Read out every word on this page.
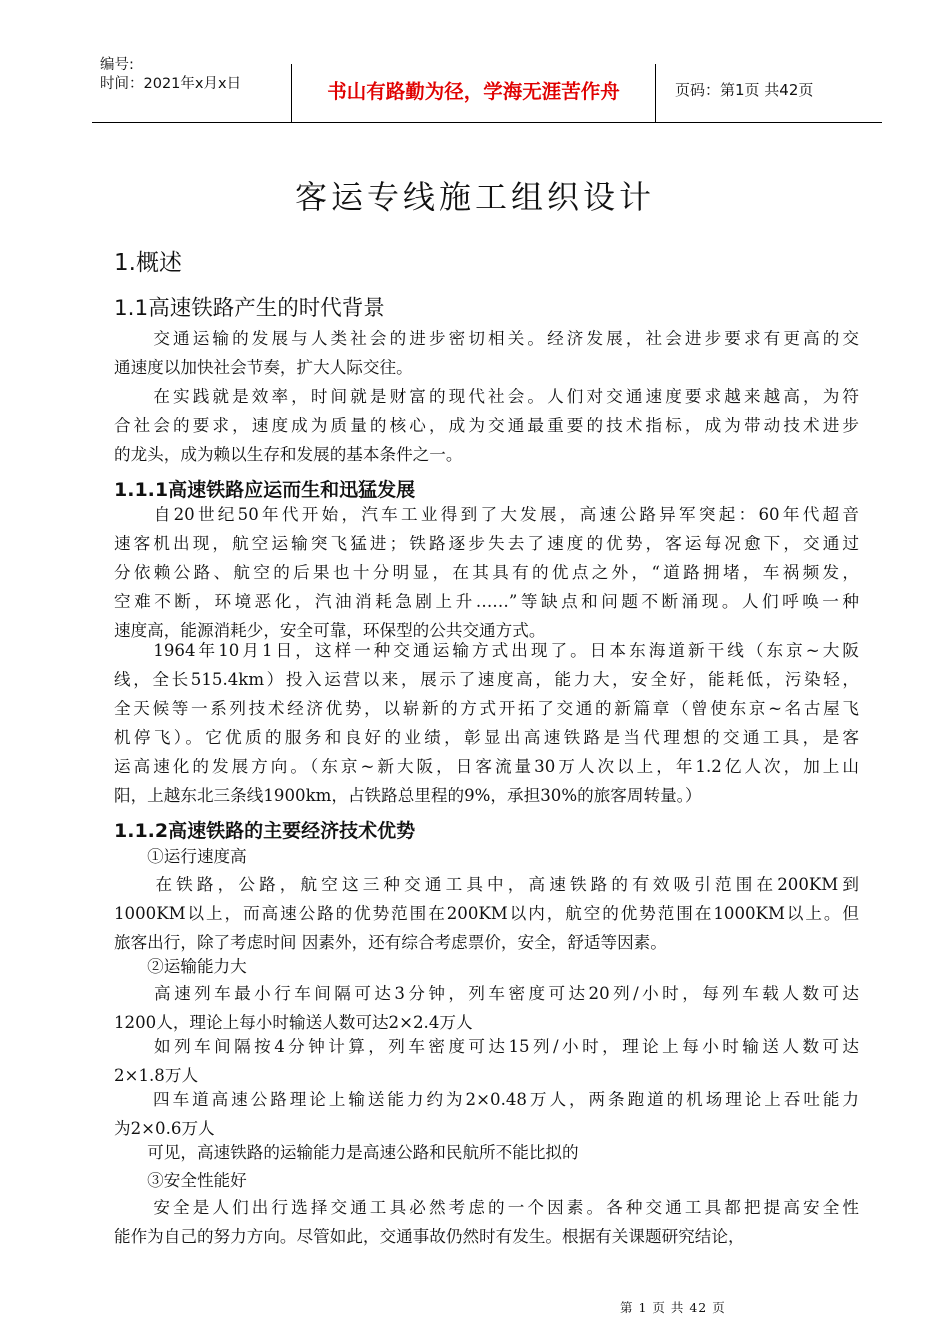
编号:
时间：2021年x月x日	书山有路勤为径，学海无涯苦作舟	页码：第1页 共42页
客运专线施工组织设计
1.概述
1.1高速铁路产生的时代背景
　　交通运输的发展与人类社会的进步密切相关。经济发展，社会进步要求有更高的交
通速度以加快社会节奏，扩大人际交往。
　　在实践就是效率，时间就是财富的现代社会。人们对交通速度要求越来越高，为符
合社会的要求，速度成为质量的核心，成为交通最重要的技术指标，成为带动技术进步
的龙头，成为赖以生存和发展的基本条件之一。
1.1.1高速铁路应运而生和迅猛发展
　　自20世纪50年代开始，汽车工业得到了大发展，高速公路异军突起：60年代超音
速客机出现，航空运输突飞猛进；铁路逐步失去了速度的优势，客运每况愈下，交通过
分依赖公路、航空的后果也十分明显，在其具有的优点之外，“道路拥堵，车祸频发，
空难不断，环境恶化，汽油消耗急剧上升……”等缺点和问题不断涌现。人们呼唤一种
速度高，能源消耗少，安全可靠，环保型的公共交通方式。
　　1964年10月1日，这样一种交通运输方式出现了。日本东海道新干线（东京~大阪
线，全长515.4km）投入运营以来，展示了速度高，能力大，安全好，能耗低，污染轻，
全天候等一系列技术经济优势，以崭新的方式开拓了交通的新篇章（曾使东京~名古屋飞
机停飞）。它优质的服务和良好的业绩，彰显出高速铁路是当代理想的交通工具，是客
运高速化的发展方向。（东京~新大阪，日客流量30万人次以上，年1.2亿人次，加上山
阳，上越东北三条线1900km，占铁路总里程的9%，承担30%的旅客周转量。）
1.1.2高速铁路的主要经济技术优势
　　①运行速度高
　　在铁路，公路，航空这三种交通工具中，高速铁路的有效吸引范围在200KM到
1000KM以上，而高速公路的优势范围在200KM以内，航空的优势范围在1000KM以上。但
旅客出行，除了考虑时间 因素外，还有综合考虑票价，安全，舒适等因素。
　　②运输能力大
　　高速列车最小行车间隔可达3分钟，列车密度可达20列/小时，每列车载人数可达
1200人，理论上每小时输送人数可达2×2.4万人
　　如列车间隔按4分钟计算，列车密度可达15列/小时，理论上每小时输送人数可达
2×1.8万人
　　四车道高速公路理论上输送能力约为2×0.48万人，两条跑道的机场理论上吞吐能力
为2×0.6万人
　　可见，高速铁路的运输能力是高速公路和民航所不能比拟的
　　③安全性能好
　　安全是人们出行选择交通工具必然考虑的一个因素。各种交通工具都把提高安全性
能作为自己的努力方向。尽管如此，交通事故仍然时有发生。根据有关课题研究结论，
第 1 页 共 42 页
